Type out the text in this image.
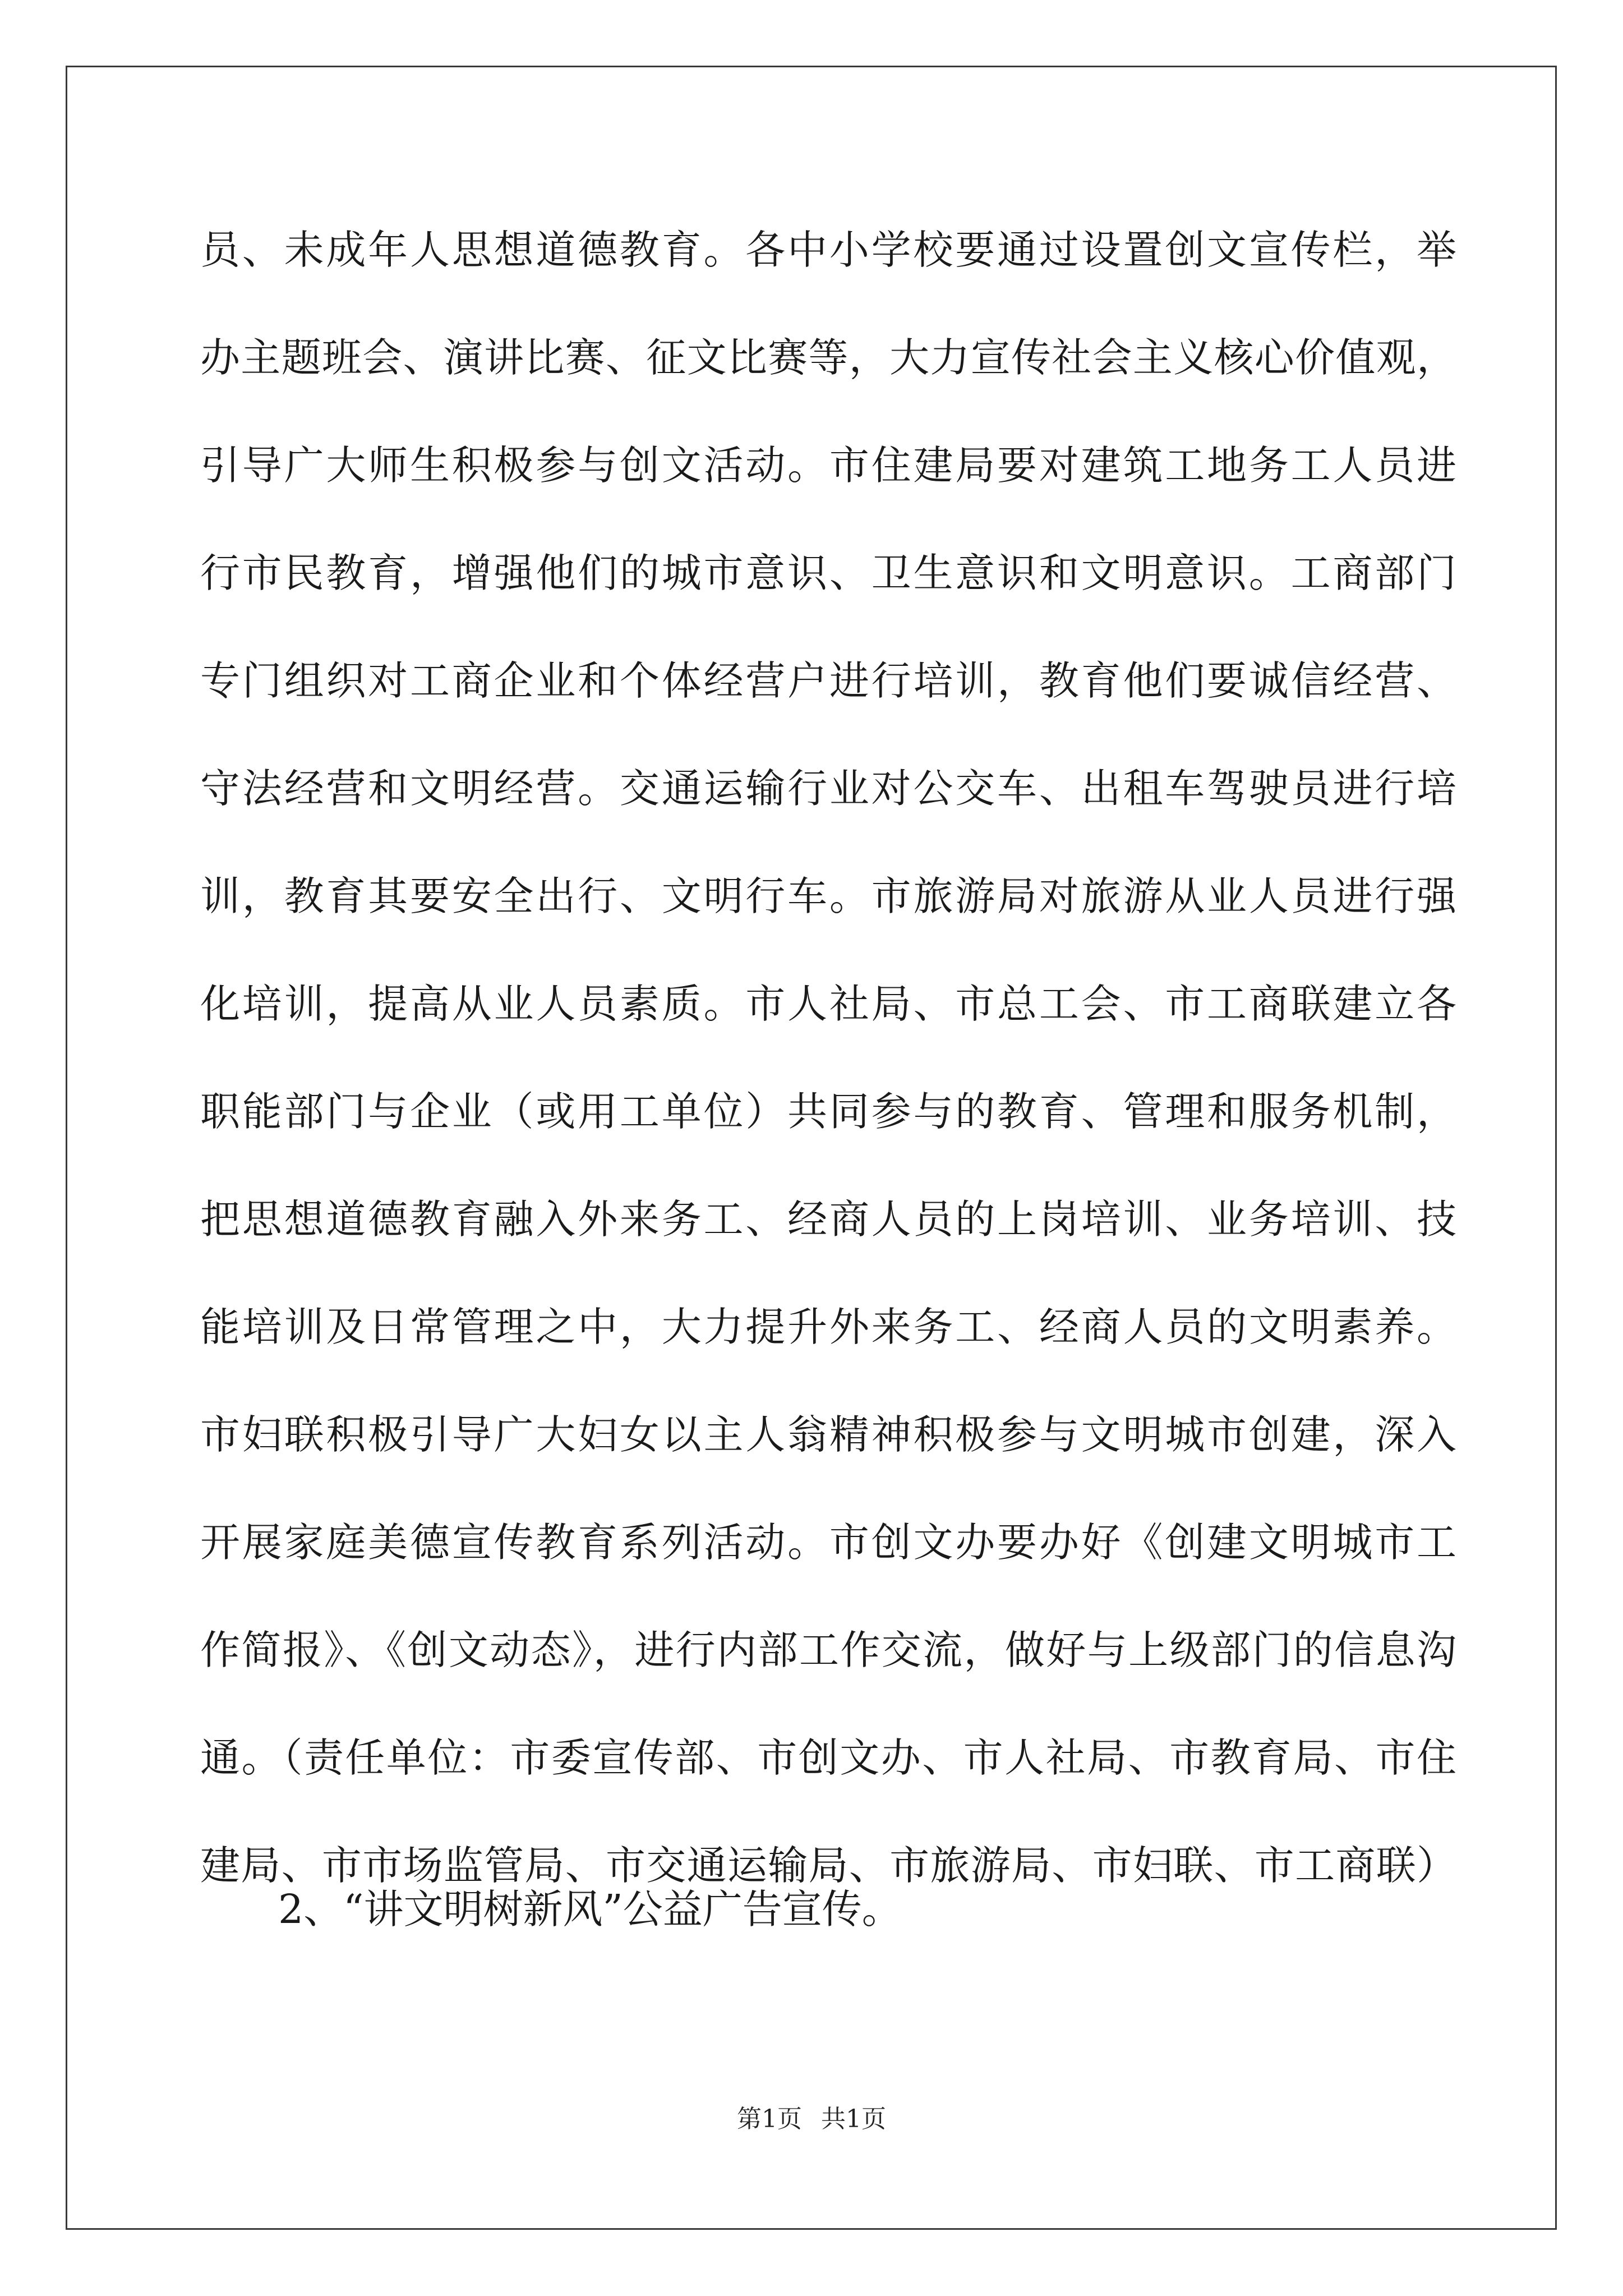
员、未成年人思想道德教育。各中小学校要通过设置创文宣传栏，举
办主题班会、演讲比赛、征文比赛等，大力宣传社会主义核心价值观，
引导广大师生积极参与创文活动。市住建局要对建筑工地务工人员进
行市民教育，增强他们的城市意识、卫生意识和文明意识。工商部门
专门组织对工商企业和个体经营户进行培训，教育他们要诚信经营、
守法经营和文明经营。交通运输行业对公交车、出租车驾驶员进行培
训，教育其要安全出行、文明行车。市旅游局对旅游从业人员进行强
化培训，提高从业人员素质。市人社局、市总工会、市工商联建立各
职能部门与企业（或用工单位）共同参与的教育、管理和服务机制，
把思想道德教育融入外来务工、经商人员的上岗培训、业务培训、技
能培训及日常管理之中，大力提升外来务工、经商人员的文明素养。
市妇联积极引导广大妇女以主人翁精神积极参与文明城市创建，深入
开展家庭美德宣传教育系列活动。市创文办要办好《创建文明城市工
作简报》、《创文动态》，进行内部工作交流，做好与上级部门的信息沟
通。（责任单位：市委宣传部、市创文办、市人社局、市教育局、市住
建局、市市场监管局、市交通运输局、市旅游局、市妇联、市工商联）
2、“讲文明树新风”公益广告宣传。
第1页 共1页
